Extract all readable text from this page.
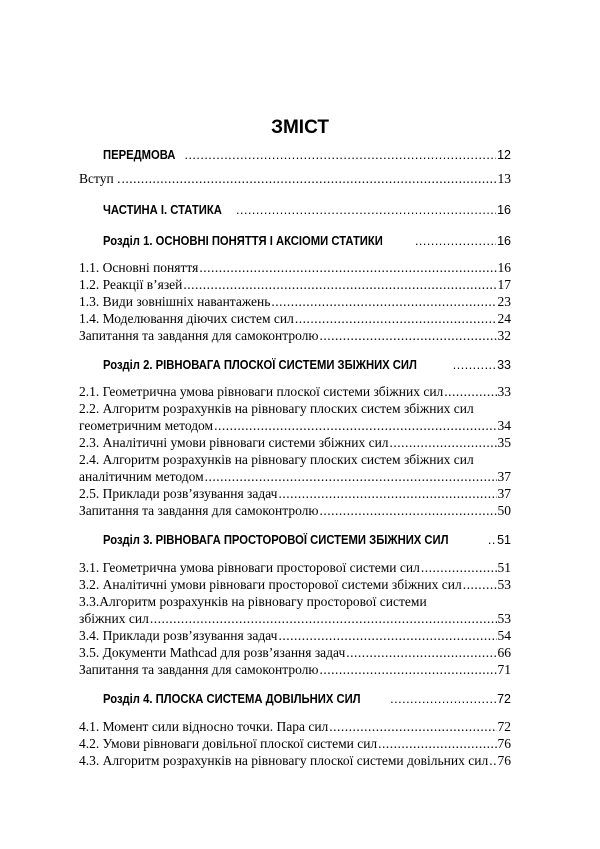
ЗМІСТ
ПЕРЕДМОВА .....	12
Вступ . .....	13
ЧАСТИНА І. СТАТИКА .....	16
Розділ 1. ОСНОВНІ ПОНЯТТЯ І АКСІОМИ СТАТИКИ .....	16
1.1. Основні поняття .....	16
1.2. Реакції в’язей .....	17
1.3. Види зовнішніх навантажень .....	23
1.4. Моделювання діючих систем сил .....	24
Запитання та завдання для самоконтролю .....	32
Розділ 2. РІВНОВАГА ПЛОСКОЇ СИСТЕМИ ЗБІЖНИХ СИЛ .....	33
2.1. Геометрична умова рівноваги плоскої системи збіжних сил .....	33
2.2. Алгоритм розрахунків на рівновагу плоских систем збіжних сил
геометричним методом .....	34
2.3. Аналітичні умови рівноваги системи збіжних сил .....	35
2.4. Алгоритм розрахунків на рівновагу плоских систем збіжних сил
аналітичним методом .....	37
2.5. Приклади розв’язування задач .....	37
Запитання та завдання для самоконтролю .....	50
Розділ 3. РІВНОВАГА ПРОСТОРОВОЇ СИСТЕМИ ЗБІЖНИХ СИЛ .....	51
3.1. Геометрична умова рівноваги просторової системи сил .....	51
3.2. Аналітичні умови рівноваги просторової системи збіжних сил .....	53
3.3.Алгоритм розрахунків на рівновагу просторової системи
збіжних сил .....	53
3.4. Приклади розв’язування задач .....	54
3.5. Документи Mathcad для розв’язання задач .....	66
Запитання та завдання для самоконтролю .....	71
Розділ 4. ПЛОСКА СИСТЕМА ДОВІЛЬНИХ СИЛ .....	72
4.1. Момент сили відносно точки. Пара сил .....	72
4.2. Умови рівноваги довільної плоскої системи сил .....	76
4.3. Алгоритм розрахунків на рівновагу плоскої системи довільних сил ..... 76
